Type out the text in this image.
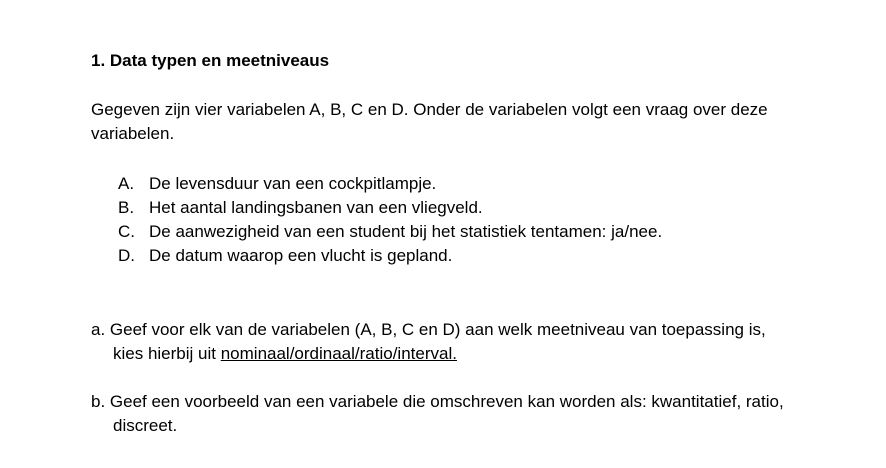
1. Data typen en meetniveaus
Gegeven zijn vier variabelen A, B, C en D. Onder de variabelen volgt een vraag over deze
variabelen.
A. De levensduur van een cockpitlampje.
B. Het aantal landingsbanen van een vliegveld.
C. De aanwezigheid van een student bij het statistiek tentamen: ja/nee.
D. De datum waarop een vlucht is gepland.
a. Geef voor elk van de variabelen (A, B, C en D) aan welk meetniveau van toepassing is,
kies hierbij uit nominaal/ordinaal/ratio/interval.
b. Geef een voorbeeld van een variabele die omschreven kan worden als: kwantitatief, ratio,
discreet.
